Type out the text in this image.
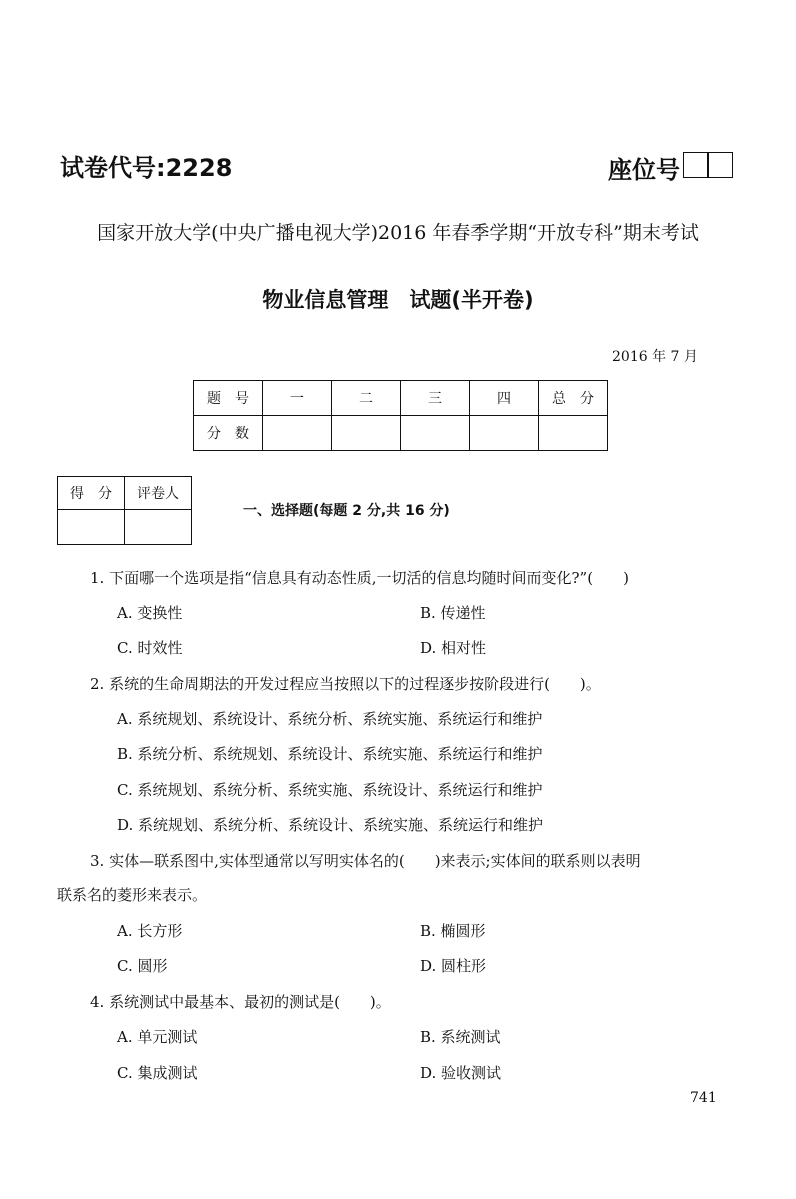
试卷代号:2228	座位号
国家开放大学(中央广播电视大学)2016 年春季学期“开放专科”期末考试
物业信息管理　试题(半开卷)
2016 年 7 月
题　号	一	二	三	四	总　分
分　数					
得　分	评卷人

一、选择题(每题 2 分,共 16 分)
1. 下面哪一个选项是指“信息具有动态性质,一切活的信息均随时间而变化?”(　　)
A. 变换性	B. 传递性
C. 时效性	D. 相对性
2. 系统的生命周期法的开发过程应当按照以下的过程逐步按阶段进行(　　)。
A. 系统规划、系统设计、系统分析、系统实施、系统运行和维护
B. 系统分析、系统规划、系统设计、系统实施、系统运行和维护
C. 系统规划、系统分析、系统实施、系统设计、系统运行和维护
D. 系统规划、系统分析、系统设计、系统实施、系统运行和维护
3. 实体—联系图中,实体型通常以写明实体名的(　　)来表示;实体间的联系则以表明
联系名的菱形来表示。
A. 长方形	B. 椭圆形
C. 圆形	D. 圆柱形
4. 系统测试中最基本、最初的测试是(　　)。
A. 单元测试	B. 系统测试
C. 集成测试	D. 验收测试
741
